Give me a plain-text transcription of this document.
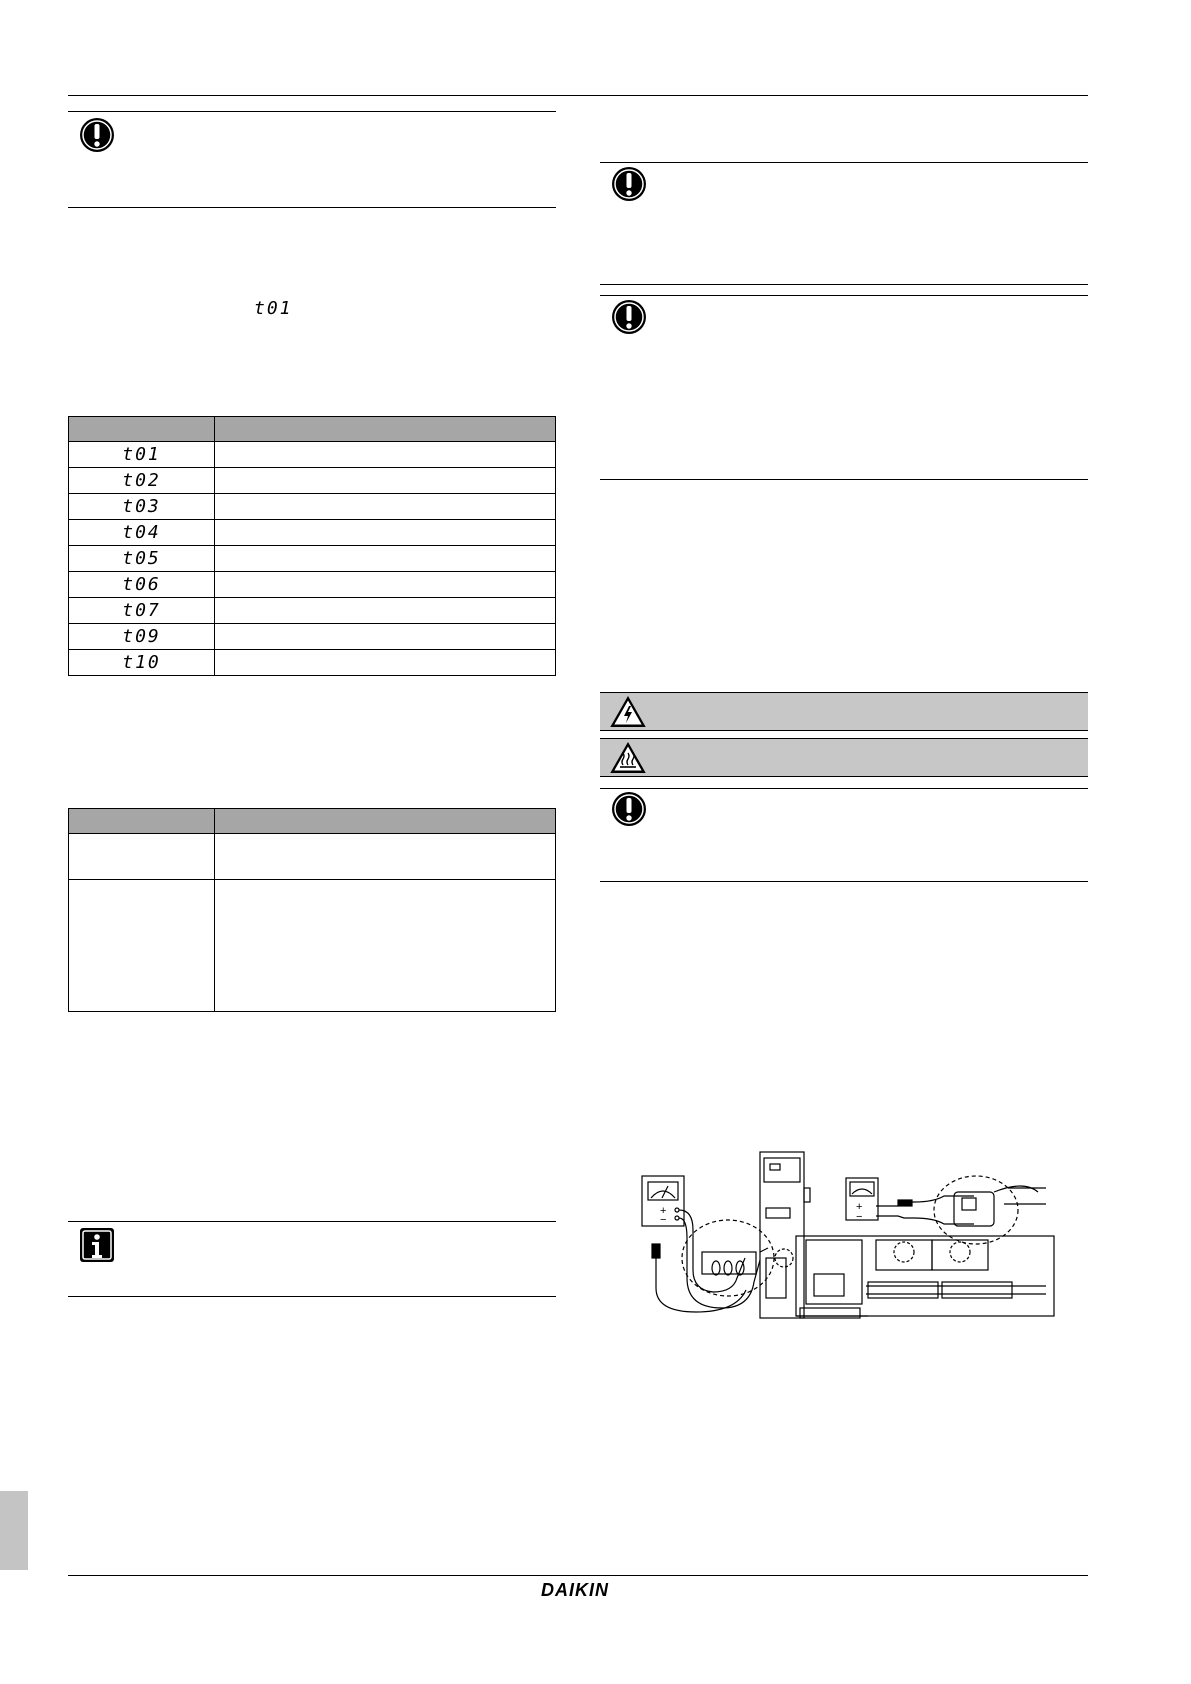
t01

t01	
t02	
t03	
t04	
t05	
t06	
t07	
t09	
t10	

+
−
+
−
DAIKIN
